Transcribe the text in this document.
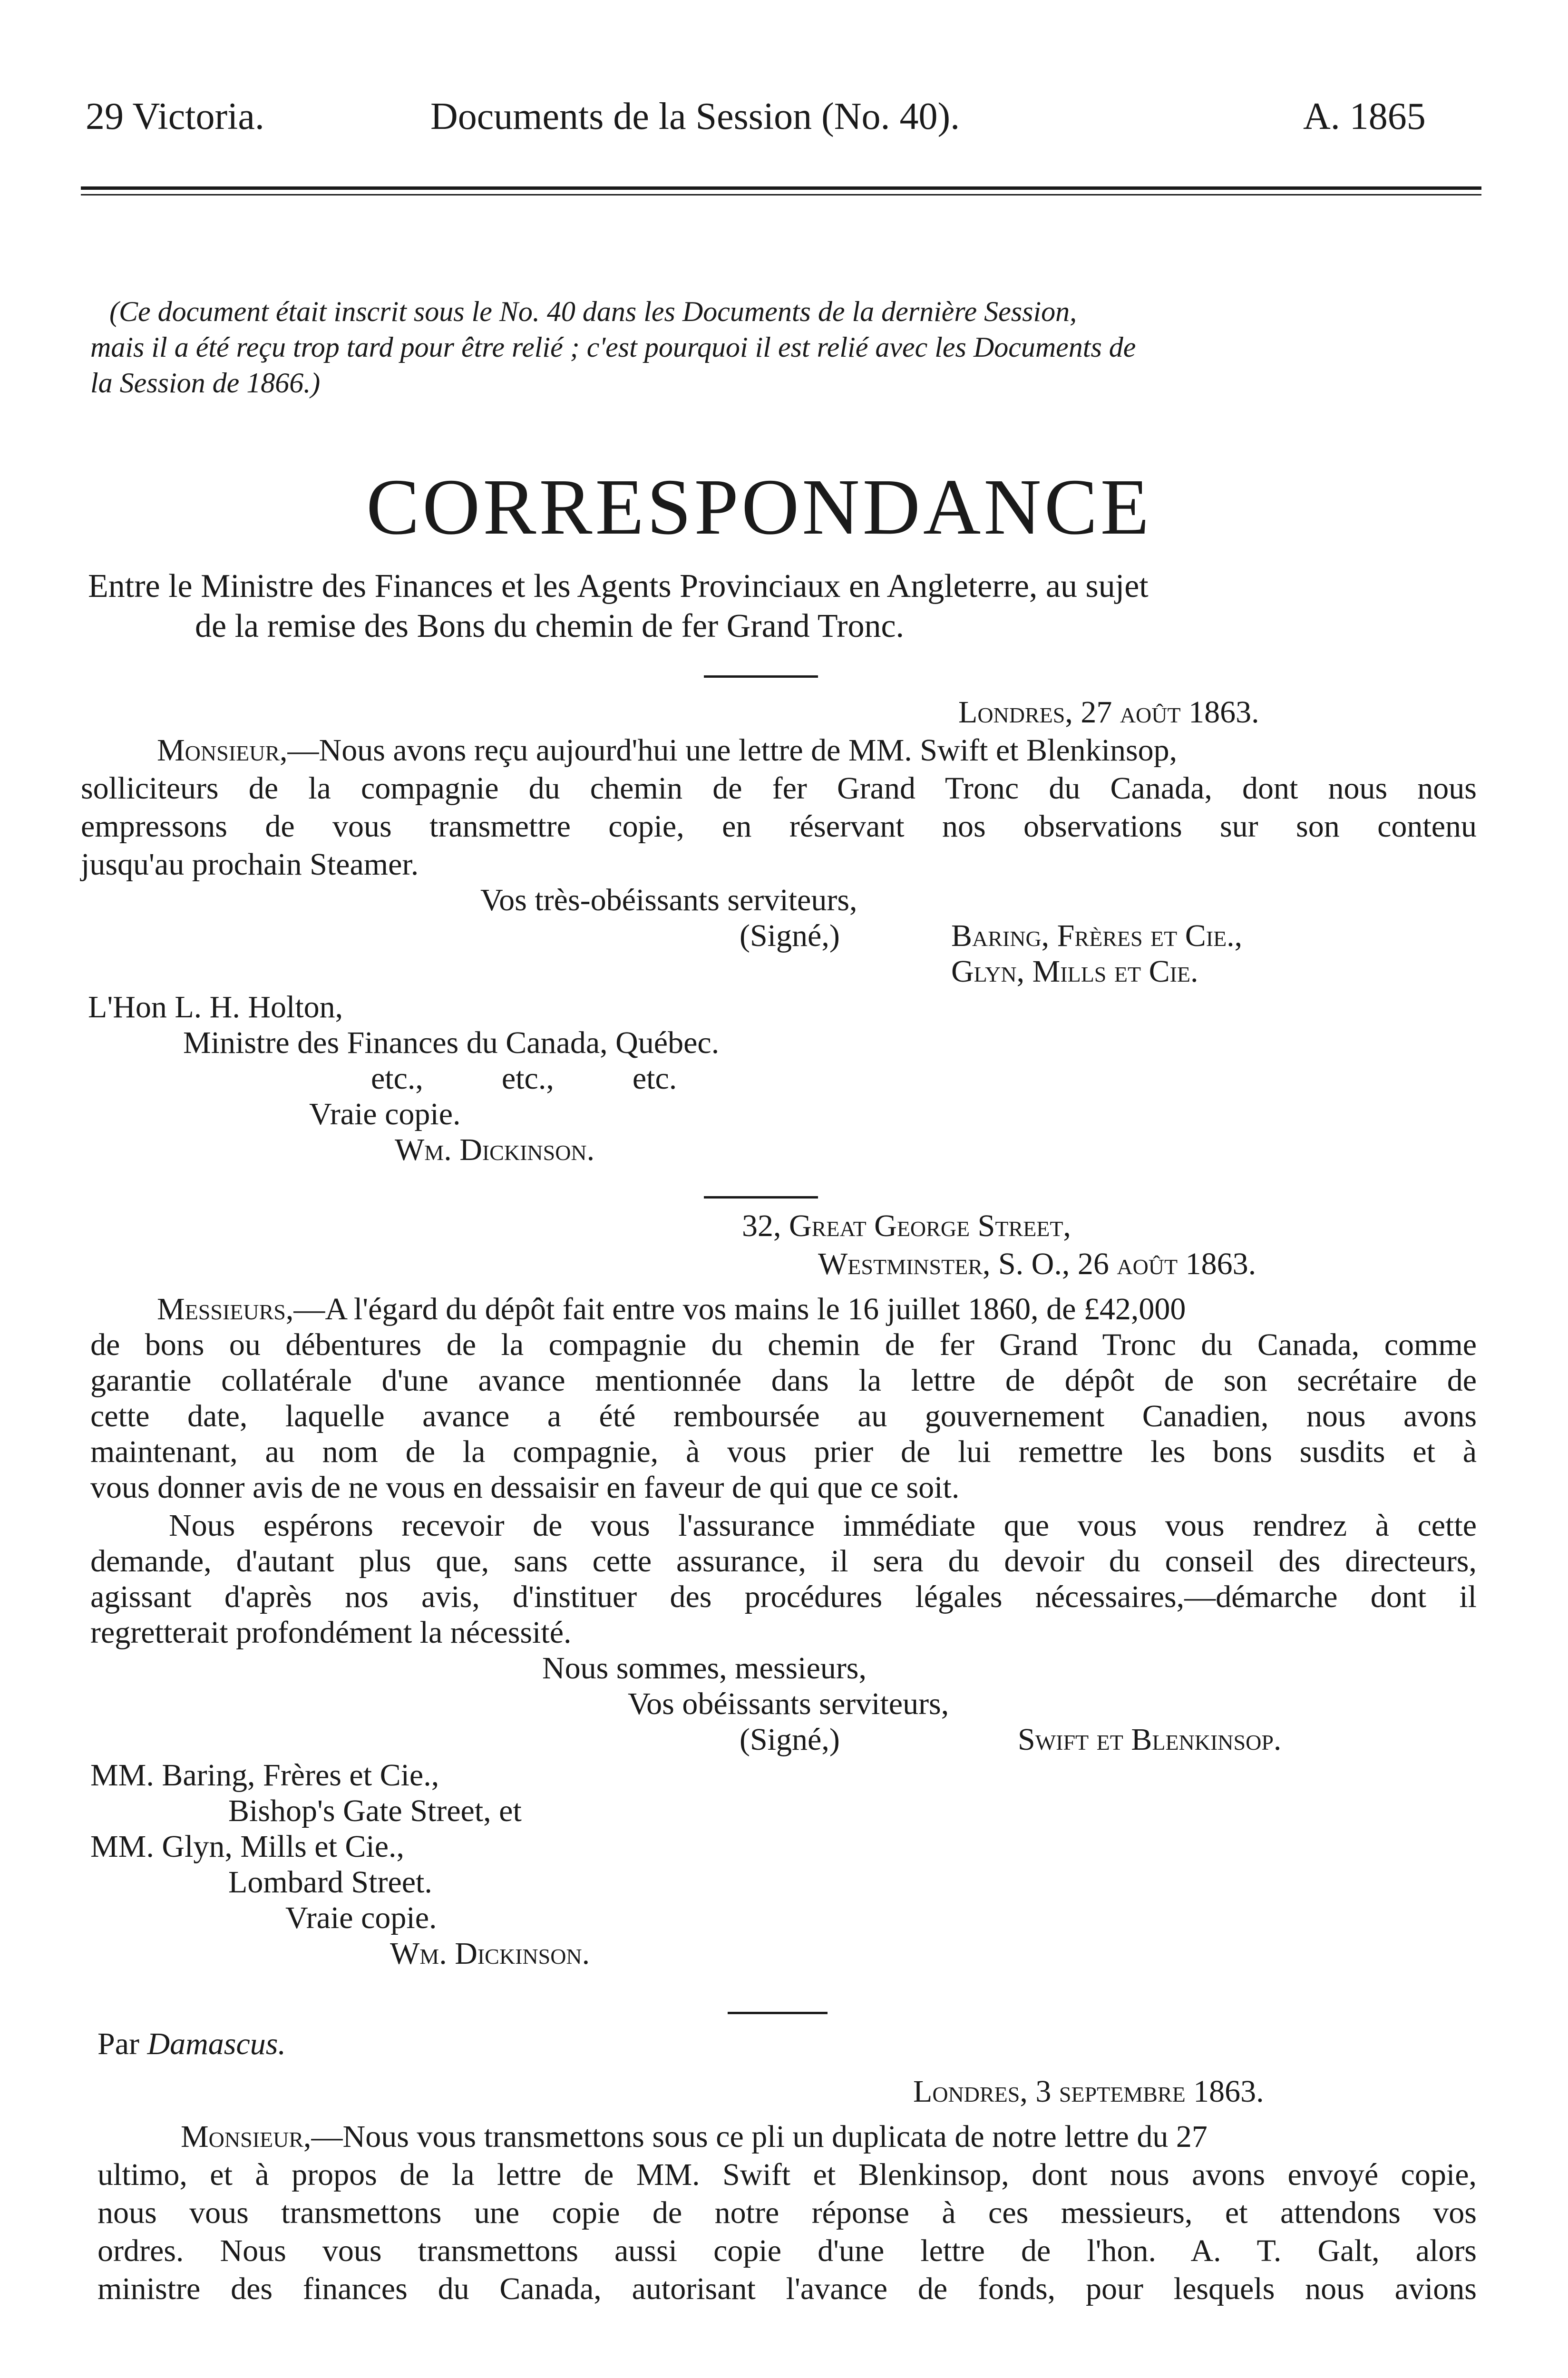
29 Victoria.	Documents de la Session (No. 40).	A. 1865
(Ce document était inscrit sous le No. 40 dans les Documents de la dernière Session,
mais il a été reçu trop tard pour être relié ; c'est pourquoi il est relié avec les Documents de
la Session de 1866.)
CORRESPONDANCE
Entre le Ministre des Finances et les Agents Provinciaux en Angleterre, au sujet
de la remise des Bons du chemin de fer Grand Tronc.
Londres, 27 août 1863.
Monsieur,—Nous avons reçu aujourd'hui une lettre de MM. Swift et Blenkinsop,
solliciteurs de la compagnie du chemin de fer Grand Tronc du Canada, dont nous nous
empressons de vous transmettre copie, en réservant nos observations sur son contenu
jusqu'au prochain Steamer.
Vos très-obéissants serviteurs,
(Signé,)	Baring, Frères et Cie.,
Glyn, Mills et Cie.
L'Hon L. H. Holton,
Ministre des Finances du Canada, Québec.
etc.,          etc.,          etc.
Vraie copie.
Wm. Dickinson.
32, Great George Street,
Westminster, S. O., 26 août 1863.
Messieurs,—A l'égard du dépôt fait entre vos mains le 16 juillet 1860, de £42,000
de bons ou débentures de la compagnie du chemin de fer Grand Tronc du Canada, comme
garantie collatérale d'une avance mentionnée dans la lettre de dépôt de son secrétaire de
cette date, laquelle avance a été remboursée au gouvernement Canadien, nous avons
maintenant, au nom de la compagnie, à vous prier de lui remettre les bons susdits et à
vous donner avis de ne vous en dessaisir en faveur de qui que ce soit.
Nous espérons recevoir de vous l'assurance immédiate que vous vous rendrez à cette
demande, d'autant plus que, sans cette assurance, il sera du devoir du conseil des directeurs,
agissant d'après nos avis, d'instituer des procédures légales nécessaires,—démarche dont il
regretterait profondément la nécessité.
Nous sommes, messieurs,
Vos obéissants serviteurs,
(Signé,)	Swift et Blenkinsop.
MM. Baring, Frères et Cie.,
Bishop's Gate Street, et
MM. Glyn, Mills et Cie.,
Lombard Street.
Vraie copie.
Wm. Dickinson.
Par Damascus.
Londres, 3 septembre 1863.
Monsieur,—Nous vous transmettons sous ce pli un duplicata de notre lettre du 27
ultimo, et à propos de la lettre de MM. Swift et Blenkinsop, dont nous avons envoyé copie,
nous vous transmettons une copie de notre réponse à ces messieurs, et attendons vos
ordres. Nous vous transmettons aussi copie d'une lettre de l'hon. A. T. Galt, alors
ministre des finances du Canada, autorisant l'avance de fonds, pour lesquels nous avions
